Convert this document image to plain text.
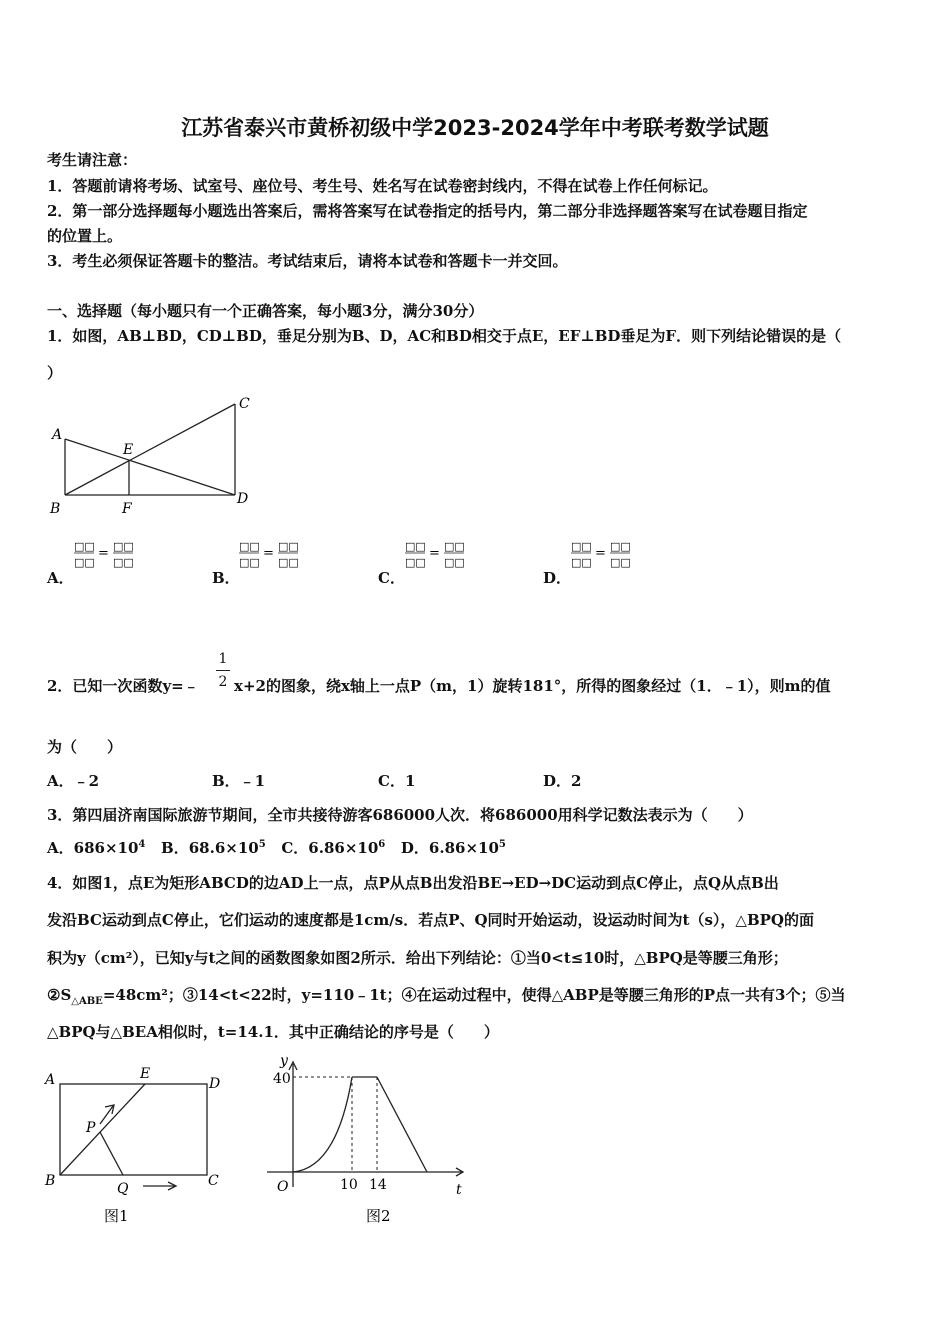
江苏省泰兴市黄桥初级中学2023-2024学年中考联考数学试题
考生请注意：
1．答题前请将考场、试室号、座位号、考生号、姓名写在试卷密封线内，不得在试卷上作任何标记。
2．第一部分选择题每小题选出答案后，需将答案写在试卷指定的括号内，第二部分非选择题答案写在试卷题目指定
的位置上。
3．考生必须保证答题卡的整洁。考试结束后，请将本试卷和答题卡一并交回。
一、选择题（每小题只有一个正确答案，每小题3分，满分30分）
1．如图，AB⊥BD，CD⊥BD，垂足分别为B、D，AC和BD相交于点E，EF⊥BD垂足为F．则下列结论错误的是（
）
A
B
C
D
E
F
□□
□□
= □□
□□
□□
□□
= □□
□□
□□
□□
= □□
□□
□□
□□
= □□
□□
A．	B．	C．	D．
2．已知一次函数y=﹣
1
2 x+2的图象，绕x轴上一点P（m，1）旋转181°，所得的图象经过（1．﹣1），则m的值
为（　　）
A．﹣2	B．﹣1	C．1	D．2
3．第四届济南国际旅游节期间，全市共接待游客686000人次．将686000用科学记数法表示为（　　）
A．$686\times 10^4$ B．$68.6\times 10^5$ C．$6.86\times 10^6$ D．$6.86\times 10^5$
4．如图1，点E为矩形ABCD的边AD上一点，点P从点B出发沿BE→ED→DC运动到点C停止，点Q从点B出
发沿BC运动到点C停止，它们运动的速度都是1cm/s．若点P、Q同时开始运动，设运动时间为t（s），△BPQ的面
积为y（cm²），已知y与t之间的函数图象如图2所示．给出下列结论：①当0<t≤10时，△BPQ是等腰三角形；
$②S_{\triangle ABE}=48cm^2$；③14<t<22时，y=110﹣1t；④在运动过程中，使得△ABP是等腰三角形的P点一共有3个；⑤当
△BPQ与△BEA相似时，t=14.1．其中正确结论的序号是（　　）
A	E
D
P
B	Q	C
图1
y
40
O	10 14	t
图2
